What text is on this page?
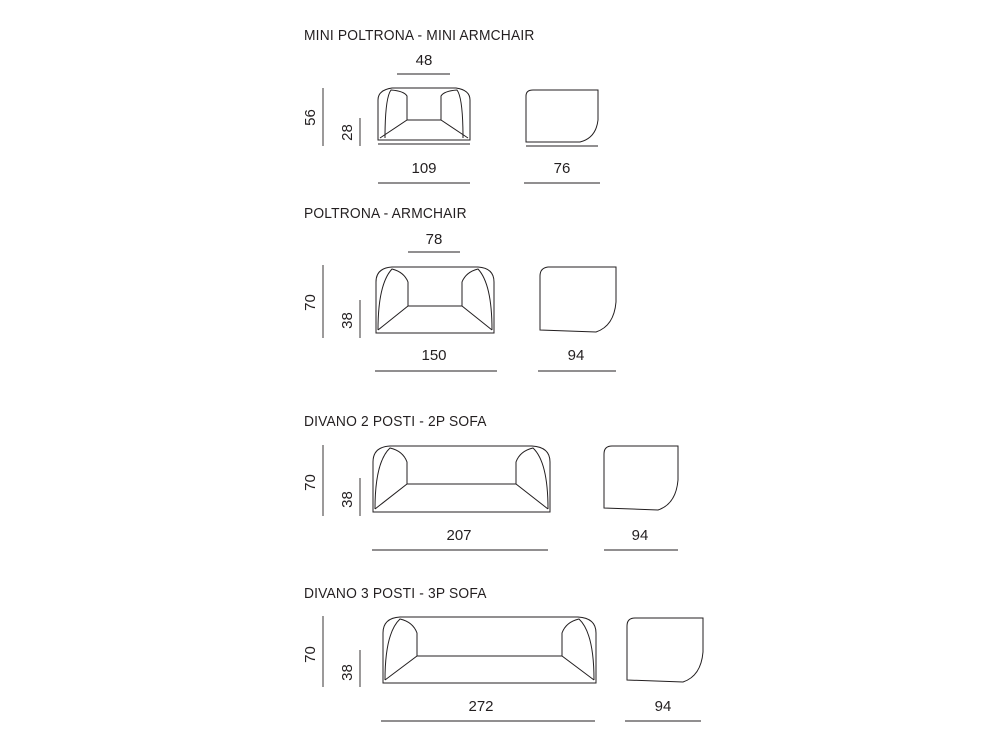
MINI POLTRONA - MINI ARMCHAIR
POLTRONA - ARMCHAIR
DIVANO 2 POSTI - 2P SOFA
DIVANO 3 POSTI - 3P SOFA
48
56
28
109	76
78
70
38
150	94
70
38
207	94
70
38
272	94
